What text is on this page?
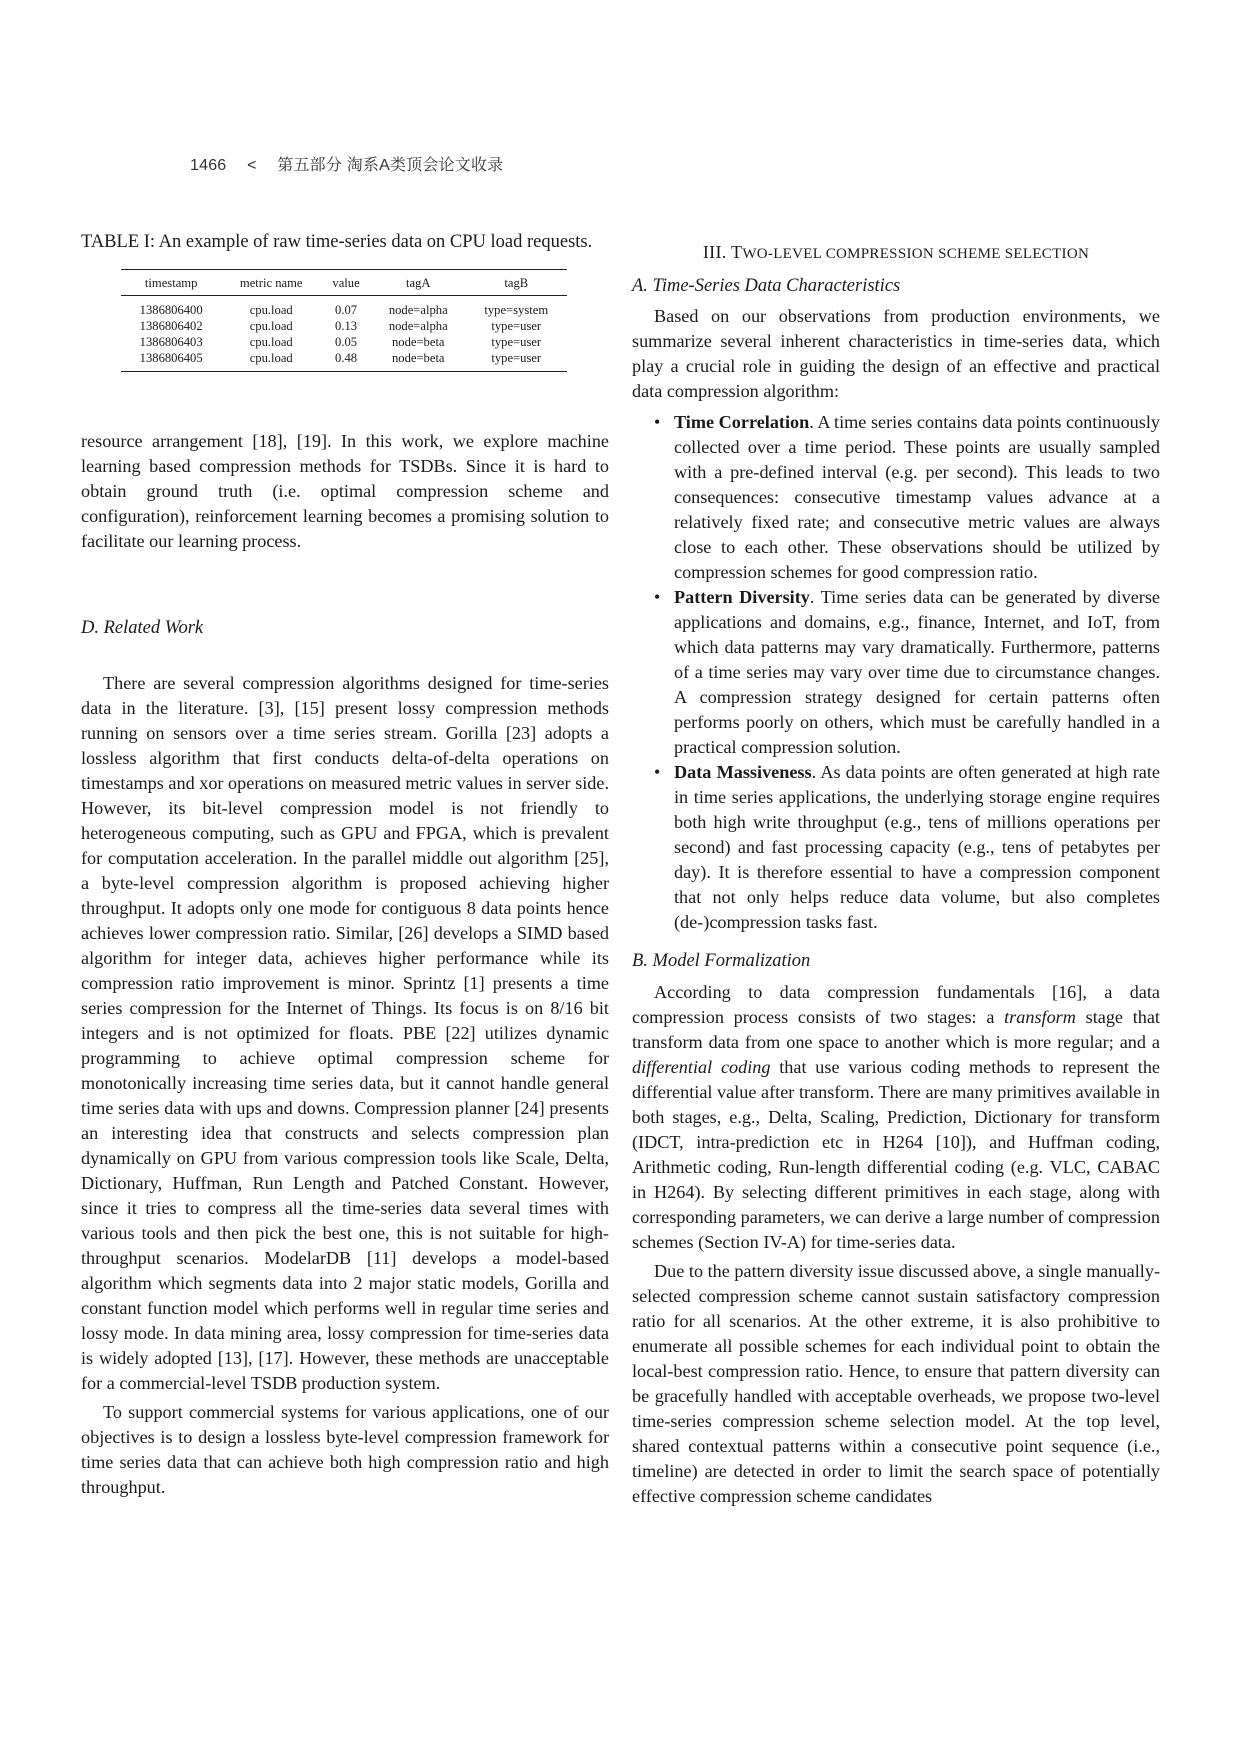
1466 < 第五部分 淘系A类顶会论文收录
TABLE I: An example of raw time-series data on CPU load requests.
timestamp	metric name	value	tagA	tagB
1386806400	cpu.load	0.07	node=alpha	type=system
1386806402	cpu.load	0.13	node=alpha	type=user
1386806403	cpu.load	0.05	node=beta	type=user
1386806405	cpu.load	0.48	node=beta	type=user

resource arrangement [18], [19]. In this work, we explore machine learning based compression methods for TSDBs. Since it is hard to obtain ground truth (i.e. optimal compression scheme and configuration), reinforcement learning becomes a promising solution to facilitate our learning process.

D. Related Work

There are several compression algorithms designed for time-series data in the literature. [3], [15] present lossy compression methods running on sensors over a time series stream. Gorilla [23] adopts a lossless algorithm that first conducts delta-of-delta operations on timestamps and xor operations on measured metric values in server side. However, its bit-level compression model is not friendly to heterogeneous computing, such as GPU and FPGA, which is prevalent for computation acceleration. In the parallel middle out algorithm [25], a byte-level compression algorithm is proposed achieving higher throughput. It adopts only one mode for contiguous 8 data points hence achieves lower compression ratio. Similar, [26] develops a SIMD based algorithm for integer data, achieves higher performance while its compression ratio improvement is minor. Sprintz [1] presents a time series compression for the Internet of Things. Its focus is on 8/16 bit integers and is not optimized for floats. PBE [22] utilizes dynamic programming to achieve optimal compression scheme for monotonically increasing time series data, but it cannot handle general time series data with ups and downs. Compression planner [24] presents an interesting idea that constructs and selects compression plan dynamically on GPU from various compression tools like Scale, Delta, Dictionary, Huffman, Run Length and Patched Constant. However, since it tries to compress all the time-series data several times with various tools and then pick the best one, this is not suitable for high-throughput scenarios. ModelarDB [11] develops a model-based algorithm which segments data into 2 major static models, Gorilla and constant function model which performs well in regular time series and lossy mode. In data mining area, lossy compression for time-series data is widely adopted [13], [17]. However, these methods are unacceptable for a commercial-level TSDB production system.

To support commercial systems for various applications, one of our objectives is to design a lossless byte-level compression framework for time series data that can achieve both high compression ratio and high throughput.

III. TWO-LEVEL COMPRESSION SCHEME SELECTION
A. Time-Series Data Characteristics

Based on our observations from production environments, we summarize several inherent characteristics in time-series data, which play a crucial role in guiding the design of an effective and practical data compression algorithm:

• Time Correlation. A time series contains data points continuously collected over a time period. These points are usually sampled with a pre-defined interval (e.g. per second). This leads to two consequences: consecutive timestamp values advance at a relatively fixed rate; and consecutive metric values are always close to each other. These observations should be utilized by compression schemes for good compression ratio.
• Pattern Diversity. Time series data can be generated by diverse applications and domains, e.g., finance, Internet, and IoT, from which data patterns may vary dramatically. Furthermore, patterns of a time series may vary over time due to circumstance changes. A compression strategy designed for certain patterns often performs poorly on others, which must be carefully handled in a practical compression solution.
• Data Massiveness. As data points are often generated at high rate in time series applications, the underlying storage engine requires both high write throughput (e.g., tens of millions operations per second) and fast processing capacity (e.g., tens of petabytes per day). It is therefore essential to have a compression component that not only helps reduce data volume, but also completes (de-)compression tasks fast.
B. Model Formalization

According to data compression fundamentals [16], a data compression process consists of two stages: a transform stage that transform data from one space to another which is more regular; and a differential coding that use various coding methods to represent the differential value after transform. There are many primitives available in both stages, e.g., Delta, Scaling, Prediction, Dictionary for transform (IDCT, intra-prediction etc in H264 [10]), and Huffman coding, Arithmetic coding, Run-length differential coding (e.g. VLC, CABAC in H264). By selecting different primitives in each stage, along with corresponding parameters, we can derive a large number of compression schemes (Section IV-A) for time-series data.

Due to the pattern diversity issue discussed above, a single manually-selected compression scheme cannot sustain satisfactory compression ratio for all scenarios. At the other extreme, it is also prohibitive to enumerate all possible schemes for each individual point to obtain the local-best compression ratio. Hence, to ensure that pattern diversity can be gracefully handled with acceptable overheads, we propose two-level time-series compression scheme selection model. At the top level, shared contextual patterns within a consecutive point sequence (i.e., timeline) are detected in order to limit the search space of potentially effective compression scheme candidates
